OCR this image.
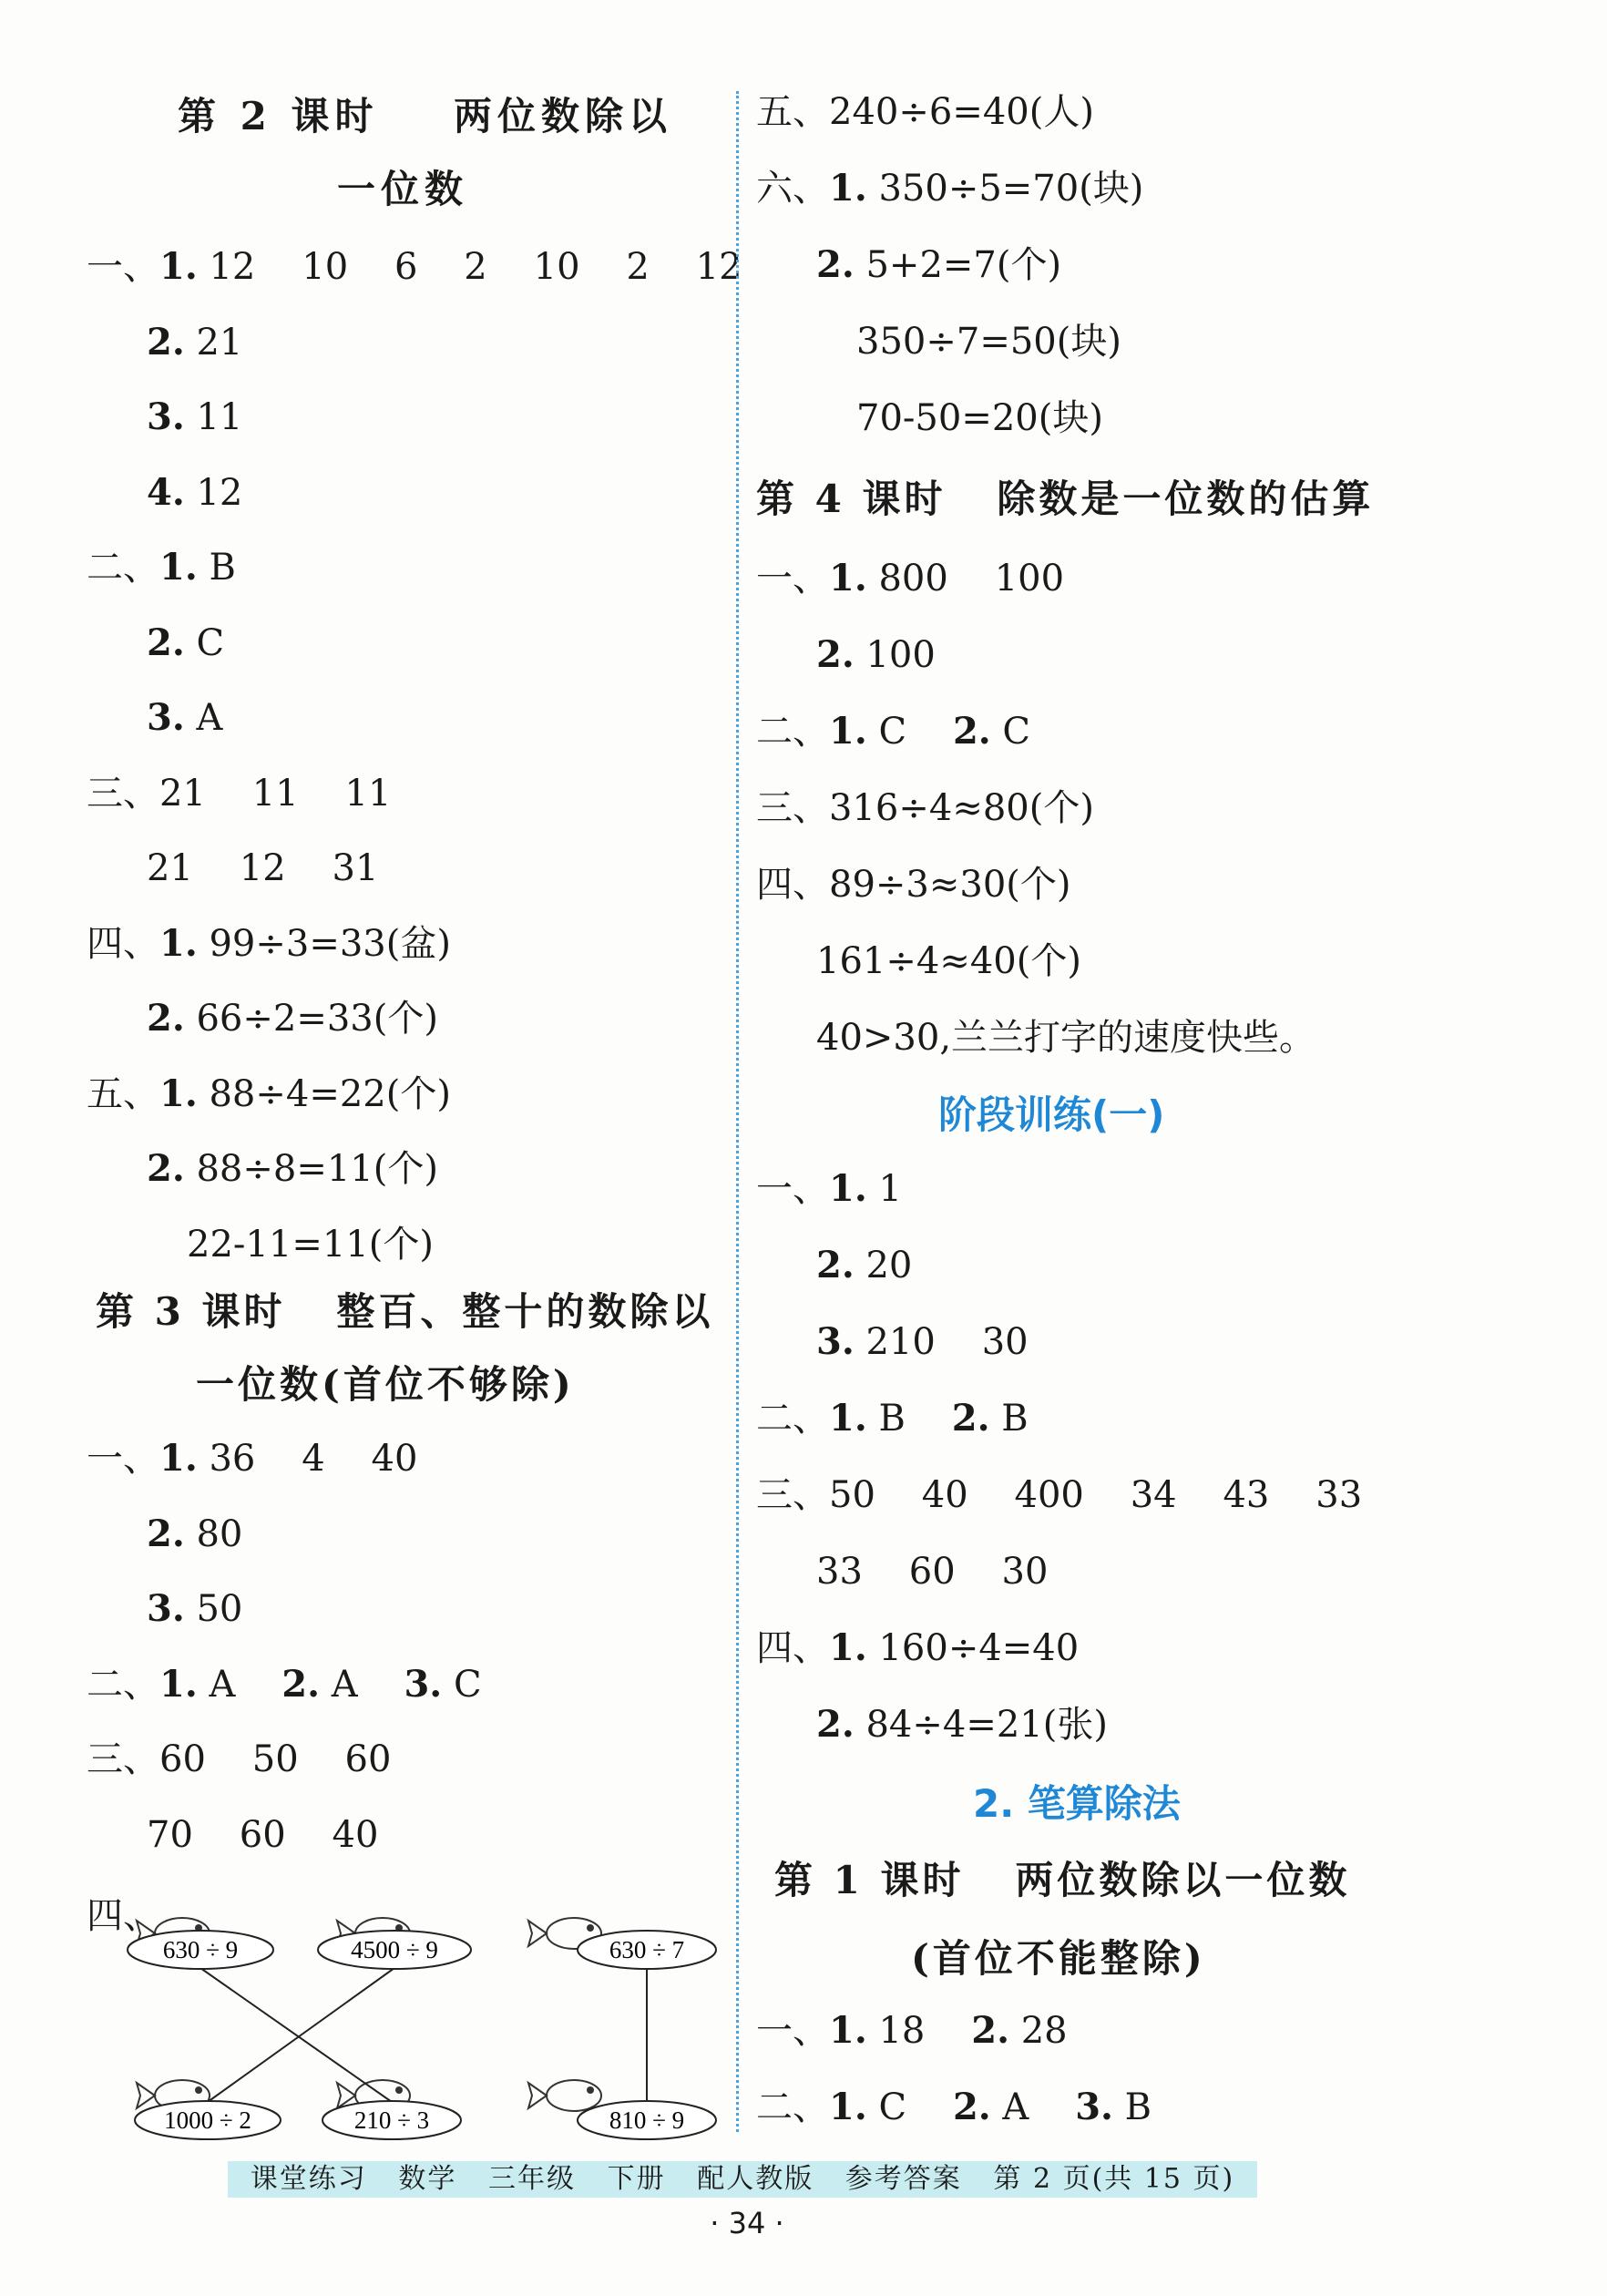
第 2 课时    两位数除以
一位数
一、1. 12    10    6    2    10    2    12
2. 21
3. 11
4. 12
二、1. B
2. C
3. A
三、21    11    11
21    12    31
四、1. 99÷3=33(盆)
2. 66÷2=33(个)
五、1. 88÷4=22(个)
2. 88÷8=11(个)
22-11=11(个)
第 3 课时   整百、整十的数除以
一位数(首位不够除)
一、1. 36    4    40
2. 80
3. 50
二、1. A    2. A    3. C
三、60    50    60
70    60    40
四、
630 ÷ 9	4500 ÷ 9	630 ÷ 7
1000 ÷ 2	210 ÷ 3	810 ÷ 9
五、240÷6=40(人)
六、1. 350÷5=70(块)
2. 5+2=7(个)
350÷7=50(块)
70-50=20(块)
第 4 课时   除数是一位数的估算
一、1. 800    100
2. 100
二、1. C    2. C
三、316÷4≈80(个)
四、89÷3≈30(个)
161÷4≈40(个)
40>30,兰兰打字的速度快些。
阶段训练(一)
一、1. 1
2. 20
3. 210    30
二、1. B    2. B
三、50    40    400    34    43    33
33    60    30
四、1. 160÷4=40
2. 84÷4=21(张)
2. 笔算除法
第 1 课时   两位数除以一位数
(首位不能整除)
一、1. 18    2. 28
二、1. C    2. A    3. B
课堂练习   数学   三年级   下册   配人教版   参考答案   第 2 页(共 15 页)
· 34 ·
